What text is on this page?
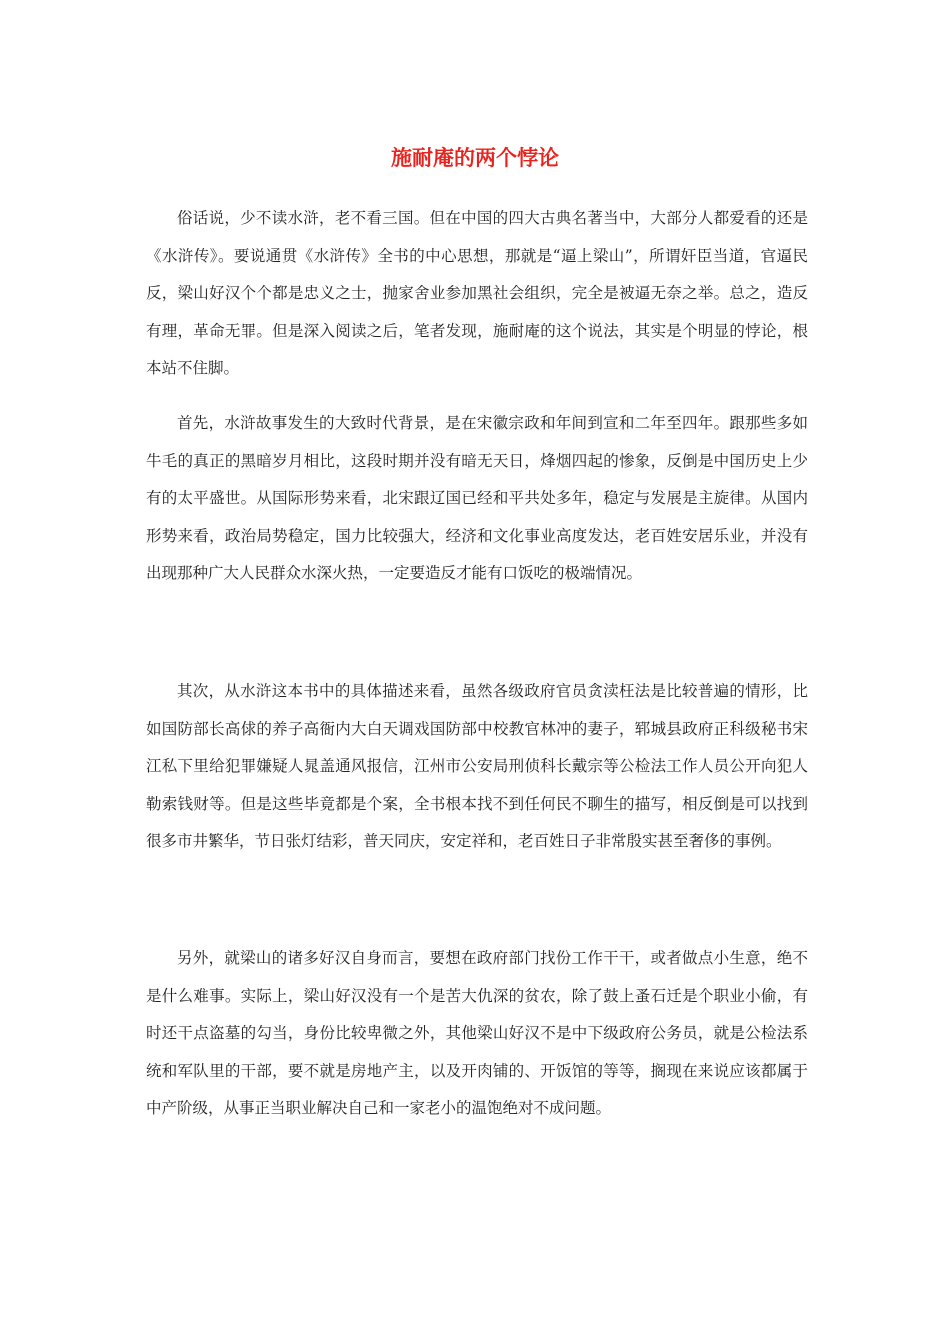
施耐庵的两个悖论

俗话说，少不读水浒，老不看三国。但在中国的四大古典名著当中，大部分人都爱看的还是《水浒传》。要说通贯《水浒传》全书的中心思想，那就是“逼上梁山”，所谓奸臣当道，官逼民反，梁山好汉个个都是忠义之士，抛家舍业参加黑社会组织，完全是被逼无奈之举。总之，造反有理，革命无罪。但是深入阅读之后，笔者发现，施耐庵的这个说法，其实是个明显的悖论，根本站不住脚。

首先，水浒故事发生的大致时代背景，是在宋徽宗政和年间到宣和二年至四年。跟那些多如牛毛的真正的黑暗岁月相比，这段时期并没有暗无天日，烽烟四起的惨象，反倒是中国历史上少有的太平盛世。从国际形势来看，北宋跟辽国已经和平共处多年，稳定与发展是主旋律。从国内形势来看，政治局势稳定，国力比较强大，经济和文化事业高度发达，老百姓安居乐业，并没有出现那种广大人民群众水深火热，一定要造反才能有口饭吃的极端情况。

其次，从水浒这本书中的具体描述来看，虽然各级政府官员贪渎枉法是比较普遍的情形，比如国防部长高俅的养子高衙内大白天调戏国防部中校教官林冲的妻子，郓城县政府正科级秘书宋江私下里给犯罪嫌疑人晁盖通风报信，江州市公安局刑侦科长戴宗等公检法工作人员公开向犯人勒索钱财等。但是这些毕竟都是个案，全书根本找不到任何民不聊生的描写，相反倒是可以找到很多市井繁华，节日张灯结彩，普天同庆，安定祥和，老百姓日子非常殷实甚至奢侈的事例。

另外，就梁山的诸多好汉自身而言，要想在政府部门找份工作干干，或者做点小生意，绝不是什么难事。实际上，梁山好汉没有一个是苦大仇深的贫农，除了鼓上蚤石迁是个职业小偷，有时还干点盗墓的勾当，身份比较卑微之外，其他梁山好汉不是中下级政府公务员，就是公检法系统和军队里的干部，要不就是房地产主，以及开肉铺的、开饭馆的等等，搁现在来说应该都属于中产阶级，从事正当职业解决自己和一家老小的温饱绝对不成问题。
